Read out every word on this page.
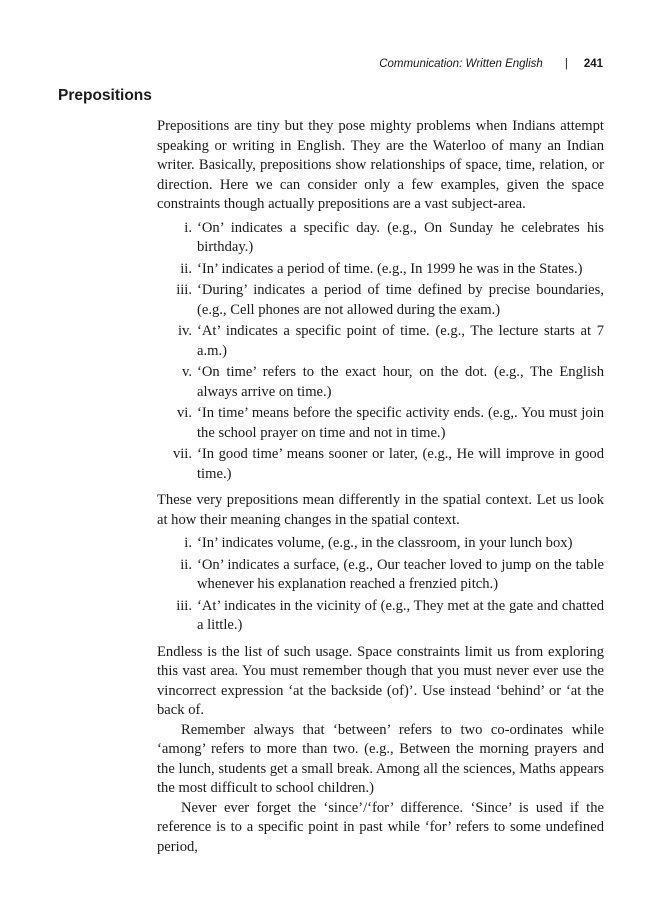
Communication: Written English | 241
Prepositions

Prepositions are tiny but they pose mighty problems when Indians attempt speaking or writing in English. They are the Waterloo of many an Indian writer. Basically, prepositions show relationships of space, time, relation, or direction. Here we can consider only a few examples, given the space constraints though actually prepositions are a vast subject-area.

i. ‘On’ indicates a specific day. (e.g., On Sunday he celebrates his birthday.)
ii. ‘In’ indicates a period of time. (e.g., In 1999 he was in the States.)
iii. ‘During’ indicates a period of time defined by precise boundaries, (e.g., Cell phones are not allowed during the exam.)
iv. ‘At’ indicates a specific point of time. (e.g., The lecture starts at 7 a.m.)
v. ‘On time’ refers to the exact hour, on the dot. (e.g., The English always arrive on time.)
vi. ‘In time’ means before the specific activity ends. (e.g,. You must join the school prayer on time and not in time.)
vii. ‘In good time’ means sooner or later, (e.g., He will improve in good time.)

These very prepositions mean differently in the spatial context. Let us look at how their meaning changes in the spatial context.

i. ‘In’ indicates volume, (e.g., in the classroom, in your lunch box)
ii. ‘On’ indicates a surface, (e.g., Our teacher loved to jump on the table whenever his explanation reached a frenzied pitch.)
iii. ‘At’ indicates in the vicinity of (e.g., They met at the gate and chatted a little.)

Endless is the list of such usage. Space constraints limit us from exploring this vast area. You must remember though that you must never ever use the vincorrect expression ‘at the backside (of)’. Use instead ‘behind’ or ‘at the back of.

Remember always that ‘between’ refers to two co-ordinates while ‘among’ refers to more than two. (e.g., Between the morning prayers and the lunch, students get a small break. Among all the sciences, Maths appears the most difficult to school children.)

Never ever forget the ‘since’/‘for’ difference. ‘Since’ is used if the reference is to a specific point in past while ‘for’ refers to some undefined period,
